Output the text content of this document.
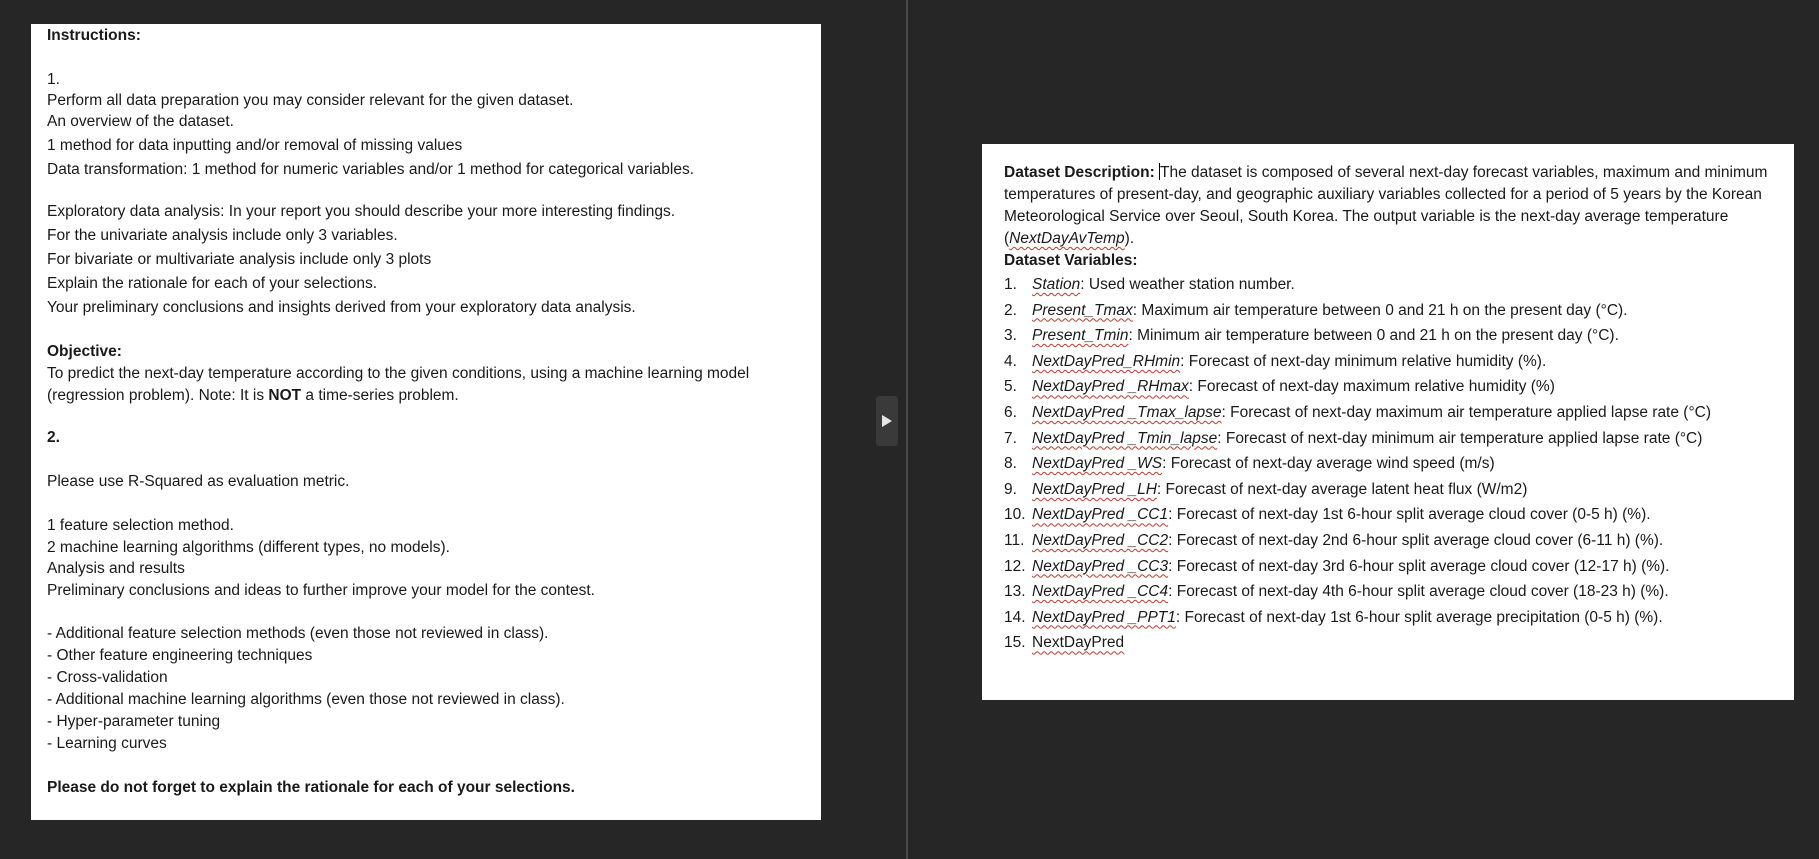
Instructions:
1.
Perform all data preparation you may consider relevant for the given dataset.
An overview of the dataset.
1 method for data inputting and/or removal of missing values
Data transformation: 1 method for numeric variables and/or 1 method for categorical variables.
Exploratory data analysis: In your report you should describe your more interesting findings.
For the univariate analysis include only 3 variables.
For bivariate or multivariate analysis include only 3 plots
Explain the rationale for each of your selections.
Your preliminary conclusions and insights derived from your exploratory data analysis.
Objective:
To predict the next-day temperature according to the given conditions, using a machine learning model
(regression problem). Note: It is NOT a time-series problem.
2.
Please use R-Squared as evaluation metric.
1 feature selection method.
2 machine learning algorithms (different types, no models).
Analysis and results
Preliminary conclusions and ideas to further improve your model for the contest.
- Additional feature selection methods (even those not reviewed in class).
- Other feature engineering techniques
- Cross-validation
- Additional machine learning algorithms (even those not reviewed in class).
- Hyper-parameter tuning
- Learning curves
Please do not forget to explain the rationale for each of your selections.
Dataset Description: The dataset is composed of several next-day forecast variables, maximum and minimum temperatures of present-day, and geographic auxiliary variables collected for a period of 5 years by the Korean Meteorological Service over Seoul, South Korea. The output variable is the next-day average temperature (NextDayAvTemp).
Dataset Variables:
1. Station : Used weather station number.
2. Present_Tmax : Maximum air temperature between 0 and 21 h on the present day (°C).
3. Present_Tmin : Minimum air temperature between 0 and 21 h on the present day (°C).
4. NextDayPred_RHmin : Forecast of next-day minimum relative humidity (%).
5. NextDayPred _RHmax : Forecast of next-day maximum relative humidity (%)
6. NextDayPred _Tmax_lapse : Forecast of next-day maximum air temperature applied lapse rate (°C)
7. NextDayPred _Tmin_lapse : Forecast of next-day minimum air temperature applied lapse rate (°C)
8. NextDayPred _WS : Forecast of next-day average wind speed (m/s)
9. NextDayPred _LH : Forecast of next-day average latent heat flux (W/m2)
10. NextDayPred _CC1 : Forecast of next-day 1st 6-hour split average cloud cover (0-5 h) (%).
11. NextDayPred _CC2 : Forecast of next-day 2nd 6-hour split average cloud cover (6-11 h) (%).
12. NextDayPred _CC3 : Forecast of next-day 3rd 6-hour split average cloud cover (12-17 h) (%).
13. NextDayPred _CC4 : Forecast of next-day 4th 6-hour split average cloud cover (18-23 h) (%).
14. NextDayPred _PPT1 : Forecast of next-day 1st 6-hour split average precipitation (0-5 h) (%).
15. NextDayPred
